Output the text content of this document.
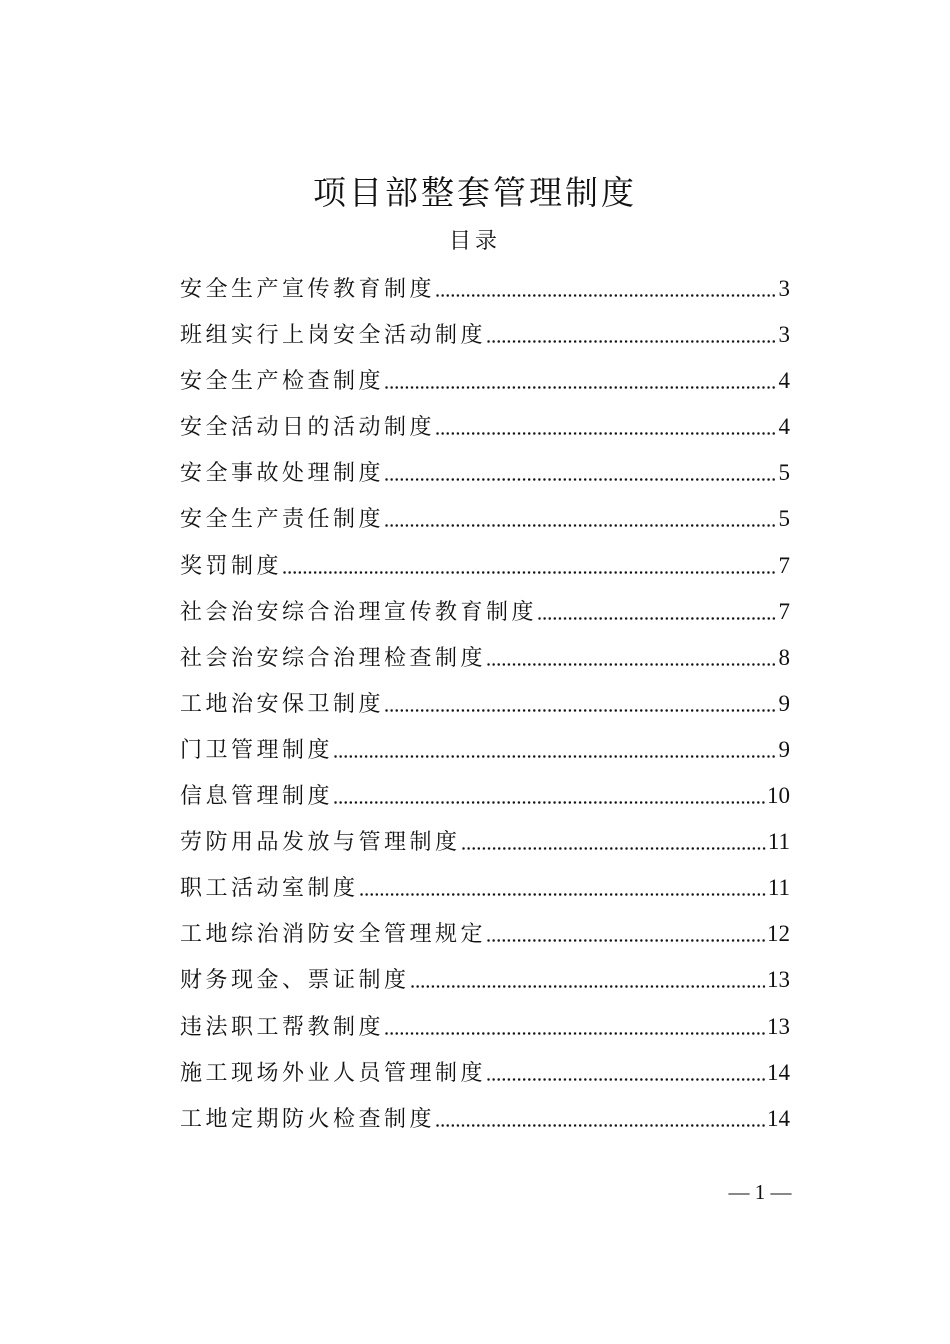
项目部整套管理制度
目录
安全生产宣传教育制度	3
班组实行上岗安全活动制度	3
安全生产检查制度	4
安全活动日的活动制度	4
安全事故处理制度	5
安全生产责任制度	5
奖罚制度	7
社会治安综合治理宣传教育制度	7
社会治安综合治理检查制度	8
工地治安保卫制度	9
门卫管理制度	9
信息管理制度	10
劳防用品发放与管理制度	11
职工活动室制度	11
工地综治消防安全管理规定	12
财务现金、票证制度	13
违法职工帮教制度	13
施工现场外业人员管理制度	14
工地定期防火检查制度	14
— 1 —
